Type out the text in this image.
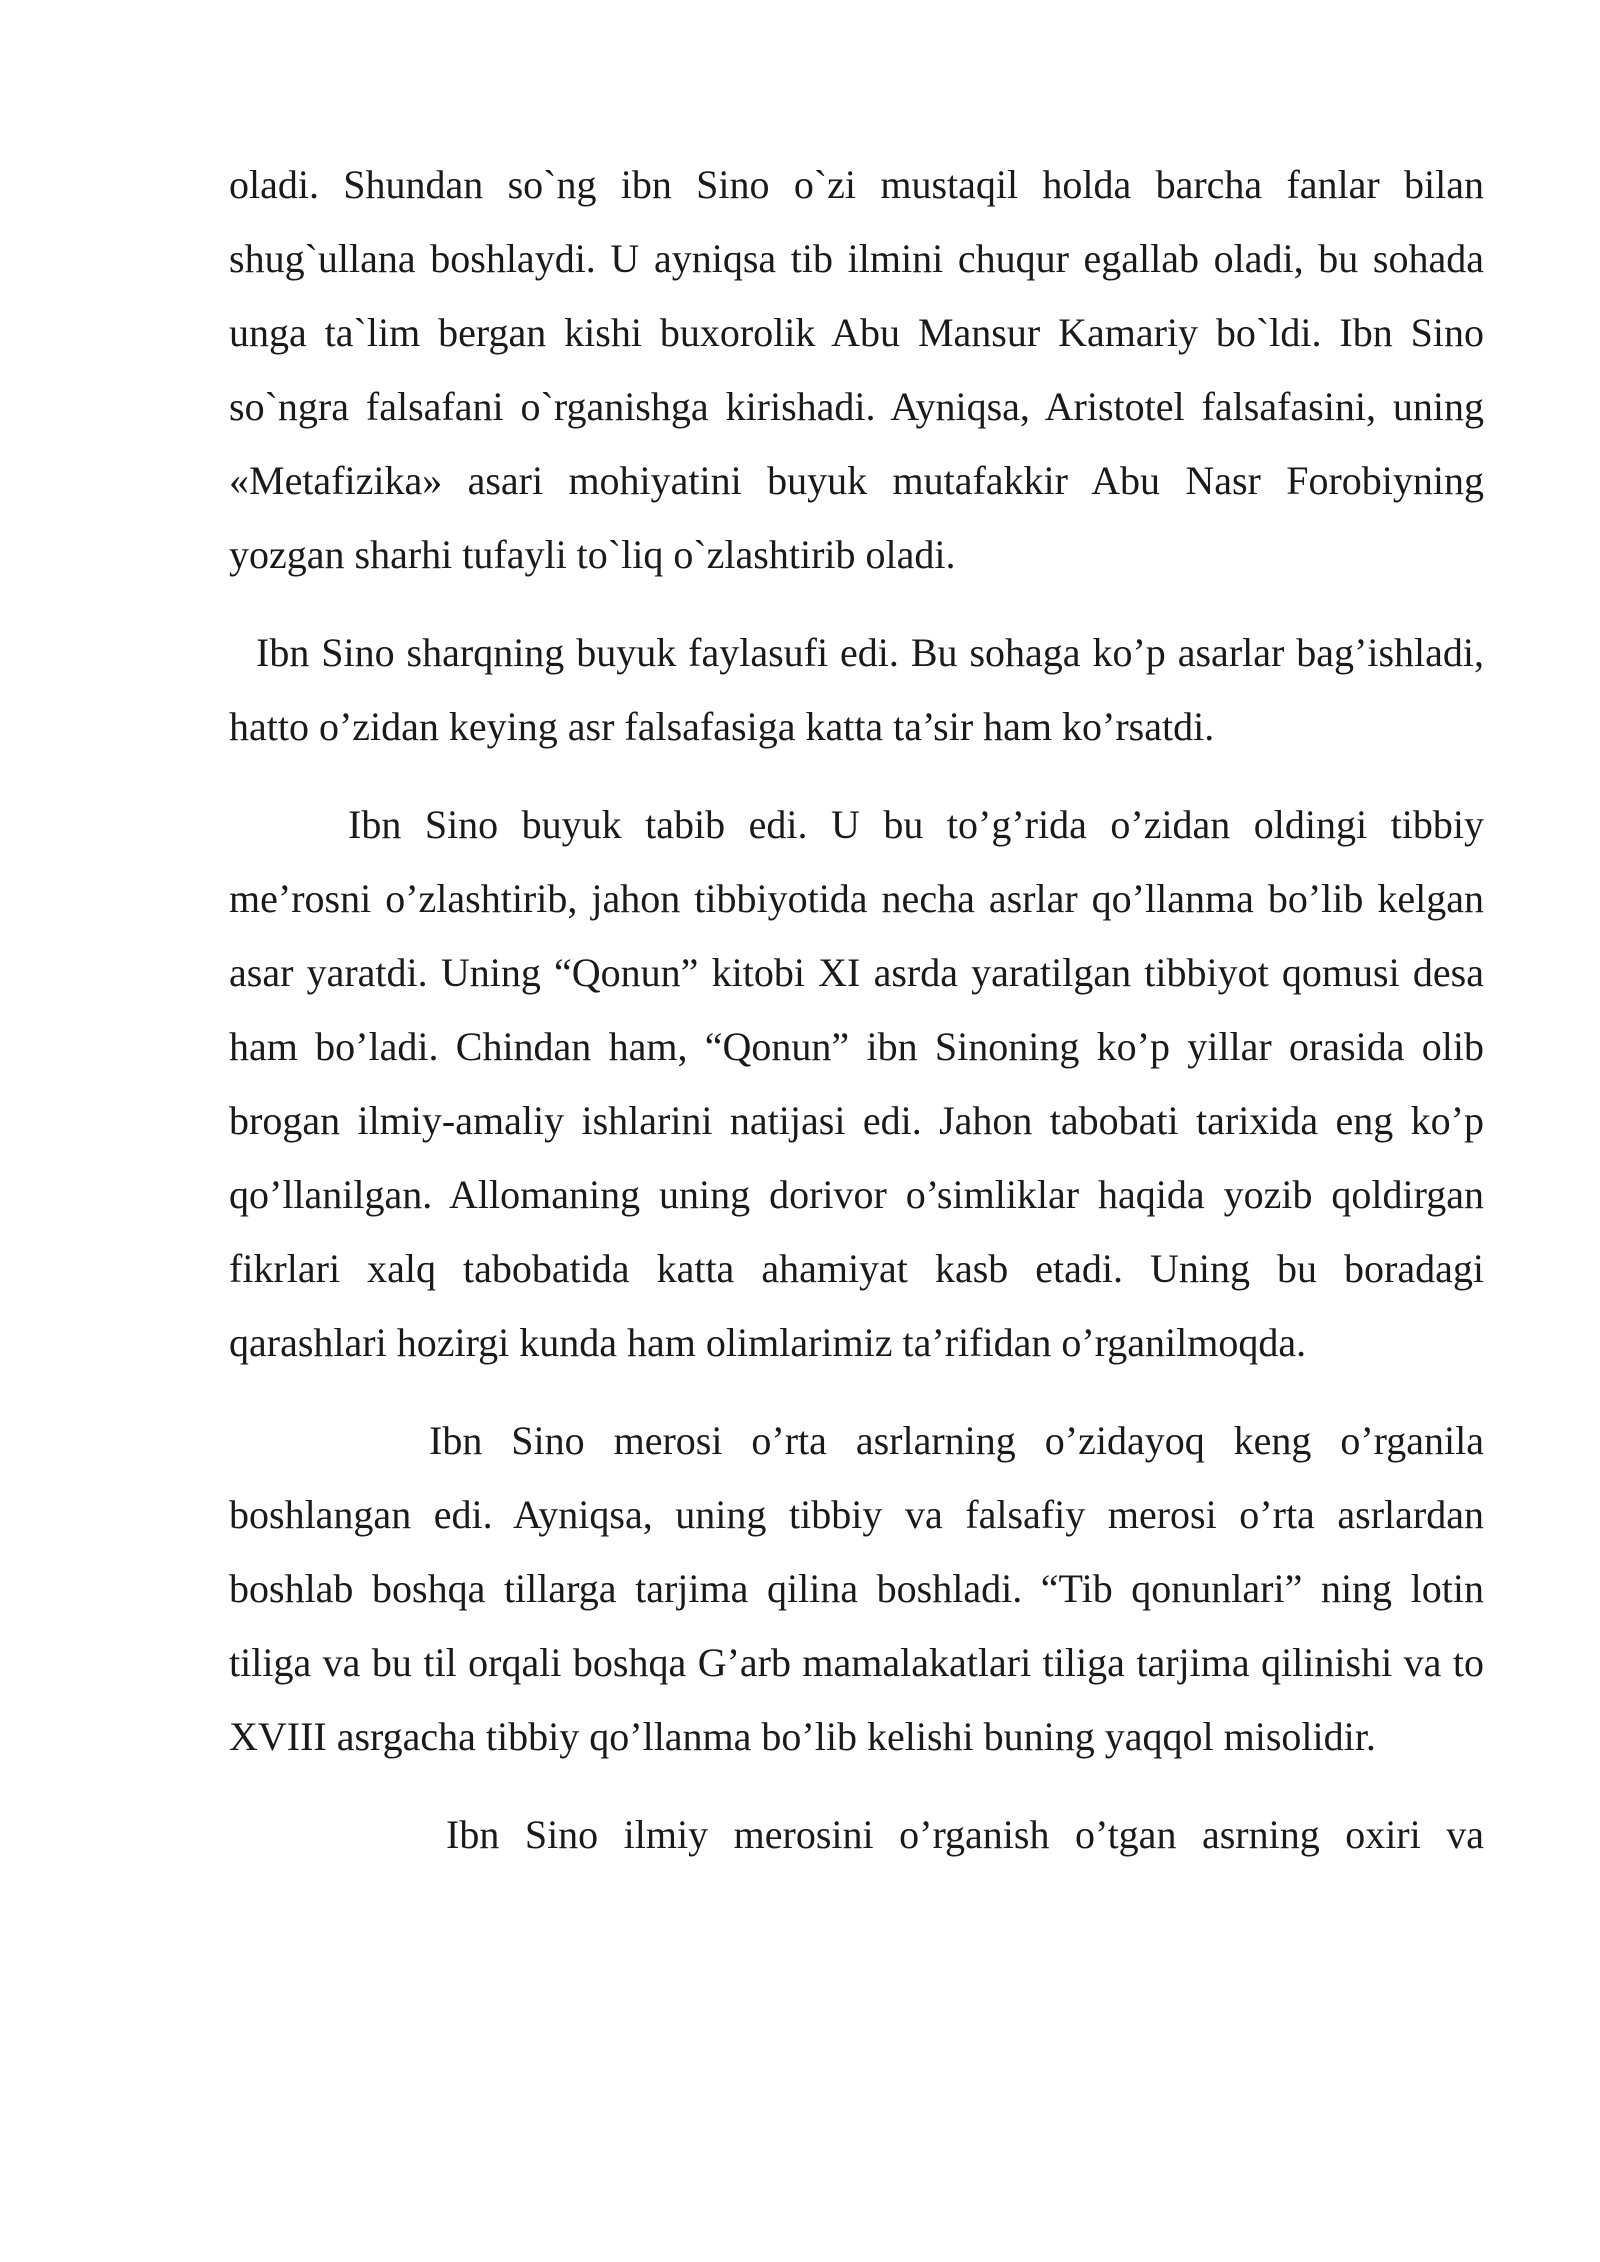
oladi. Shundan so`ng ibn Sino o`zi mustaqil holda barcha fanlar bilan shug`ullana boshlaydi. U ayniqsa tib ilmini chuqur egallab oladi, bu sohada unga ta`lim bergan kishi buxorolik Abu Mansur Kamariy bo`ldi. Ibn Sino so`ngra falsafani o`rganishga kirishadi. Ayniqsa, Aristotel falsafasini, uning «Metafizika» asari mohiyatini buyuk mutafakkir Abu Nasr Forobiyning yozgan sharhi tufayli to`liq o`zlashtirib oladi.

Ibn Sino sharqning buyuk faylasufi edi. Bu sohaga ko’p asarlar bag’ishladi, hatto o’zidan keying asr falsafasiga katta ta’sir ham ko’rsatdi.

Ibn Sino buyuk tabib edi. U bu to’g’rida o’zidan oldingi tibbiy me’rosni o’zlashtirib, jahon tibbiyotida necha asrlar qo’llanma bo’lib kelgan asar yaratdi. Uning “Qonun” kitobi XI asrda yaratilgan tibbiyot qomusi desa ham bo’ladi. Chindan ham, “Qonun” ibn Sinoning ko’p yillar orasida olib brogan ilmiy-amaliy ishlarini natijasi edi. Jahon tabobati tarixida eng ko’p qo’llanilgan. Allomaning uning dorivor o’simliklar haqida yozib qoldirgan fikrlari xalq tabobatida katta ahamiyat kasb etadi. Uning bu boradagi qarashlari hozirgi kunda ham olimlarimiz ta’rifidan o’rganilmoqda.

Ibn Sino merosi o’rta asrlarning o’zidayoq keng o’rganila boshlangan edi. Ayniqsa, uning tibbiy va falsafiy merosi o’rta asrlardan boshlab boshqa tillarga tarjima qilina boshladi. “Tib qonunlari” ning lotin tiliga va bu til orqali boshqa G’arb mamalakatlari tiliga tarjima qilinishi va to XVIII asrgacha tibbiy qo’llanma bo’lib kelishi buning yaqqol misolidir.

Ibn Sino ilmiy merosini o’rganish o’tgan asrning oxiri va
